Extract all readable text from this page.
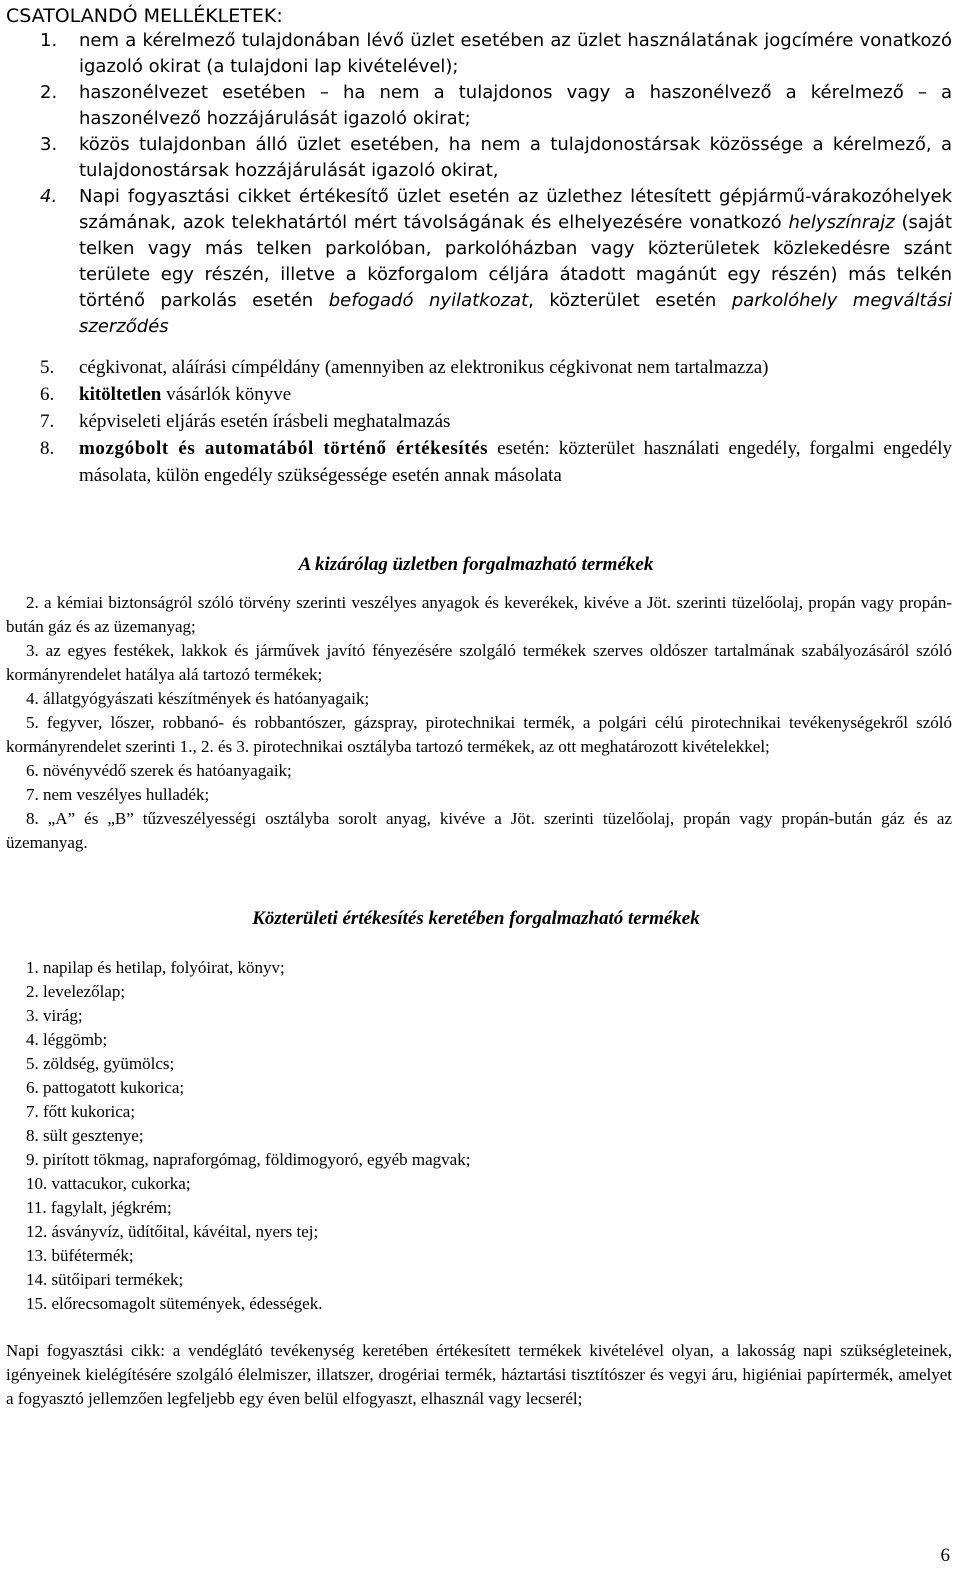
CSATOLANDÓ MELLÉKLETEK:
1.	nem a kérelmező tulajdonában lévő üzlet esetében az üzlet használatának jogcímére vonatkozó igazoló okirat (a tulajdoni lap kivételével);
2.	haszonélvezet esetében – ha nem a tulajdonos vagy a haszonélvező a kérelmező – a haszonélvező hozzájárulását igazoló okirat;
3.	közös tulajdonban álló üzlet esetében, ha nem a tulajdonostársak közössége a kérelmező, a tulajdonostársak hozzájárulását igazoló okirat,
4.	Napi fogyasztási cikket értékesítő üzlet esetén az üzlethez létesített gépjármű-várakozóhelyek számának, azok telekhatártól mért távolságának és elhelyezésére vonatkozó helyszínrajz (saját telken vagy más telken parkolóban, parkolóházban vagy közterületek közlekedésre szánt területe egy részén, illetve a közforgalom céljára átadott magánút egy részén) más telkén történő parkolás esetén befogadó nyilatkozat, közterület esetén parkolóhely megváltási szerződés
5.	cégkivonat, aláírási címpéldány (amennyiben az elektronikus cégkivonat nem tartalmazza)
6.	kitöltetlen vásárlók könyve
7.	képviseleti eljárás esetén írásbeli meghatalmazás
8.	mozgóbolt és automatából történő értékesítés esetén: közterület használati engedély, forgalmi engedély másolata, külön engedély szükségessége esetén annak másolata
A kizárólag üzletben forgalmazható termékek

2. a kémiai biztonságról szóló törvény szerinti veszélyes anyagok és keverékek, kivéve a Jöt. szerinti tüzelőolaj, propán vagy propán-bután gáz és az üzemanyag;

3. az egyes festékek, lakkok és járművek javító fényezésére szolgáló termékek szerves oldószer tartalmának szabályozásáról szóló kormányrendelet hatálya alá tartozó termékek;

4. állatgyógyászati készítmények és hatóanyagaik;

5. fegyver, lőszer, robbanó- és robbantószer, gázspray, pirotechnikai termék, a polgári célú pirotechnikai tevékenységekről szóló kormányrendelet szerinti 1., 2. és 3. pirotechnikai osztályba tartozó termékek, az ott meghatározott kivételekkel;

6. növényvédő szerek és hatóanyagaik;

7. nem veszélyes hulladék;

8. „A” és „B” tűzveszélyességi osztályba sorolt anyag, kivéve a Jöt. szerinti tüzelőolaj, propán vagy propán-bután gáz és az üzemanyag.

Közterületi értékesítés keretében forgalmazható termékek
1. napilap és hetilap, folyóirat, könyv;
2. levelezőlap;
3. virág;
4. léggömb;
5. zöldség, gyümölcs;
6. pattogatott kukorica;
7. főtt kukorica;
8. sült gesztenye;
9. pirított tökmag, napraforgómag, földimogyoró, egyéb magvak;
10. vattacukor, cukorka;
11. fagylalt, jégkrém;
12. ásványvíz, üdítőital, kávéital, nyers tej;
13. büfétermék;
14. sütőipari termékek;
15. előrecsomagolt sütemények, édességek.

Napi fogyasztási cikk: a vendéglátó tevékenység keretében értékesített termékek kivételével olyan, a lakosság napi szükségleteinek, igényeinek kielégítésére szolgáló élelmiszer, illatszer, drogériai termék, háztartási tisztítószer és vegyi áru, higiéniai papírtermék, amelyet a fogyasztó jellemzően legfeljebb egy éven belül elfogyaszt, elhasznál vagy lecserél;

6
